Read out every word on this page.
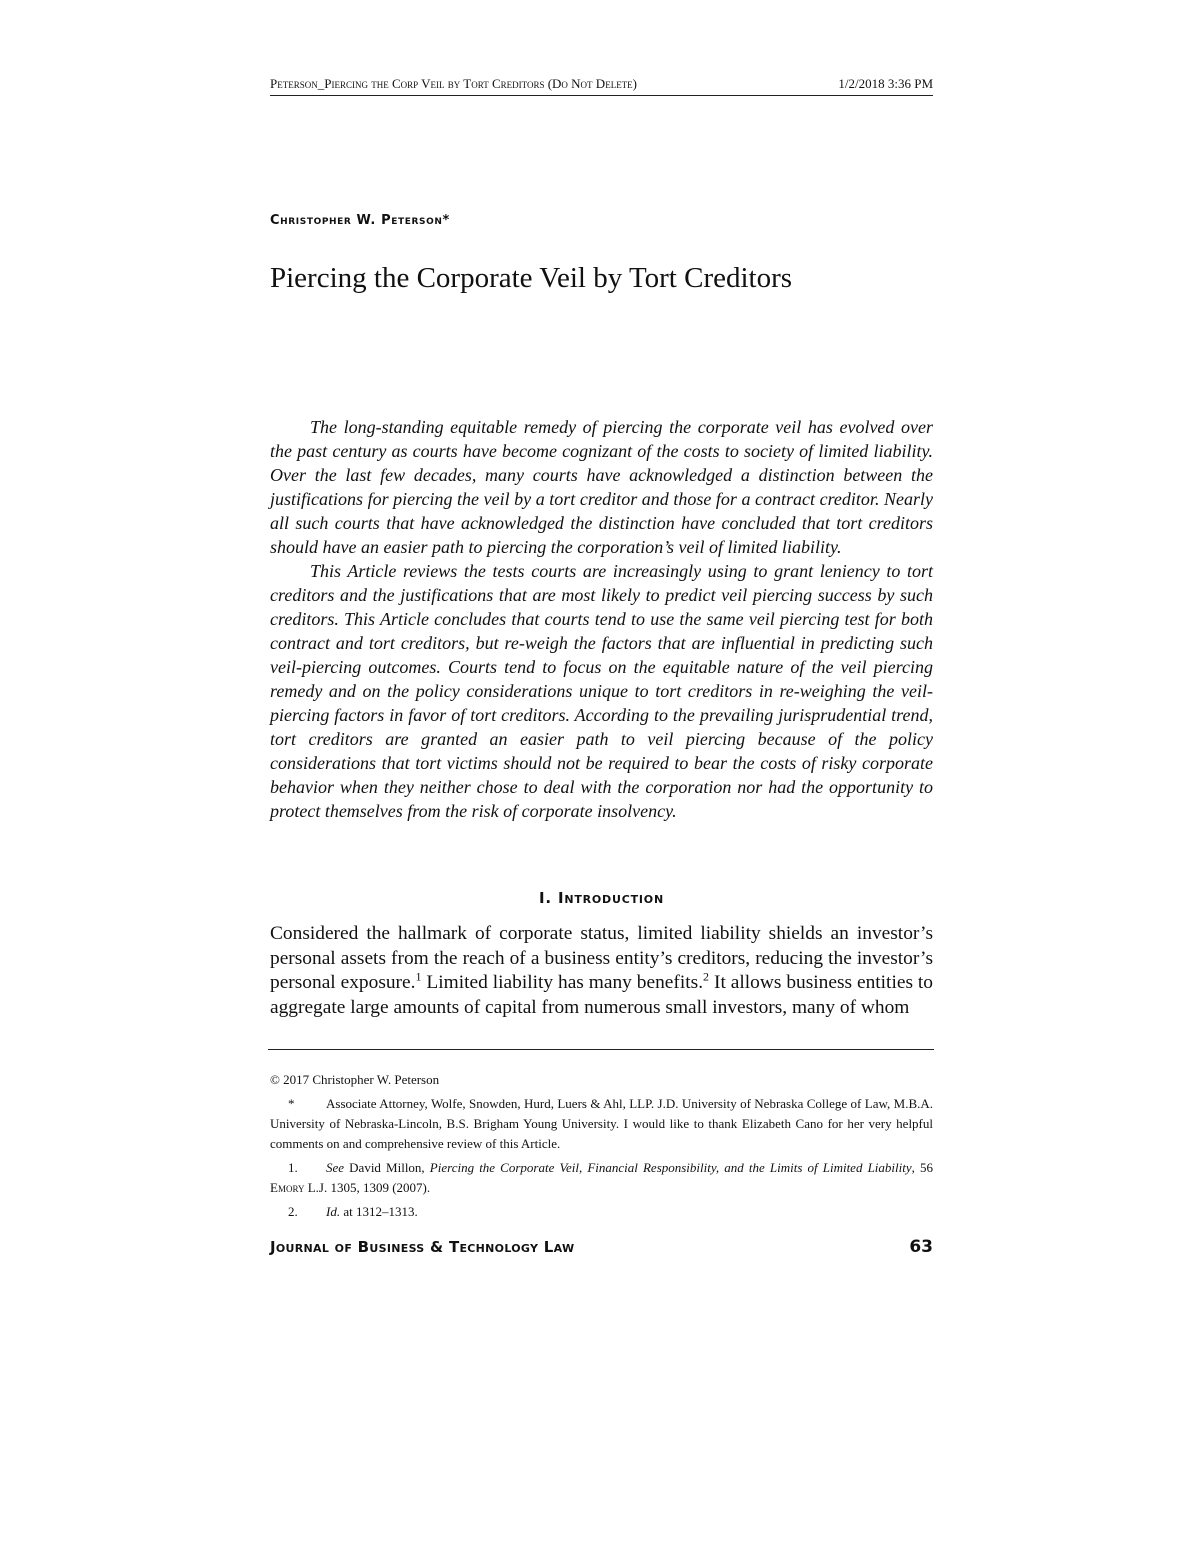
Peterson_Piercing the Corp Veil by Tort Creditors (Do Not Delete)	1/2/2018 3:36 PM
Christopher W. Peterson*
Piercing the Corporate Veil by Tort Creditors

The long-standing equitable remedy of piercing the corporate veil has evolved over the past century as courts have become cognizant of the costs to society of limited liability. Over the last few decades, many courts have acknowledged a distinction between the justifications for piercing the veil by a tort creditor and those for a contract creditor. Nearly all such courts that have acknowledged the distinction have concluded that tort creditors should have an easier path to piercing the corporation’s veil of limited liability.

This Article reviews the tests courts are increasingly using to grant leniency to tort creditors and the justifications that are most likely to predict veil piercing success by such creditors. This Article concludes that courts tend to use the same veil piercing test for both contract and tort creditors, but re-weigh the factors that are influential in predicting such veil-piercing outcomes. Courts tend to focus on the equitable nature of the veil piercing remedy and on the policy considerations unique to tort creditors in re-weighing the veil-piercing factors in favor of tort creditors. According to the prevailing jurisprudential trend, tort creditors are granted an easier path to veil piercing because of the policy considerations that tort victims should not be required to bear the costs of risky corporate behavior when they neither chose to deal with the corporation nor had the opportunity to protect themselves from the risk of corporate insolvency.

I. Introduction

Considered the hallmark of corporate status, limited liability shields an investor’s personal assets from the reach of a business entity’s creditors, reducing the investor’s personal exposure.$^1$ Limited liability has many benefits.$^2$ It allows business entities to aggregate large amounts of capital from numerous small investors, many of whom

© 2017 Christopher W. Peterson

* Associate Attorney, Wolfe, Snowden, Hurd, Luers & Ahl, LLP. J.D. University of Nebraska College of Law, M.B.A. University of Nebraska-Lincoln, B.S. Brigham Young University. I would like to thank Elizabeth Cano for her very helpful comments on and comprehensive review of this Article.

1. See David Millon, Piercing the Corporate Veil, Financial Responsibility, and the Limits of Limited Liability, 56 Emory L.J. 1305, 1309 (2007).

2. Id. at 1312–1313.

Journal of Business & Technology Law	63
